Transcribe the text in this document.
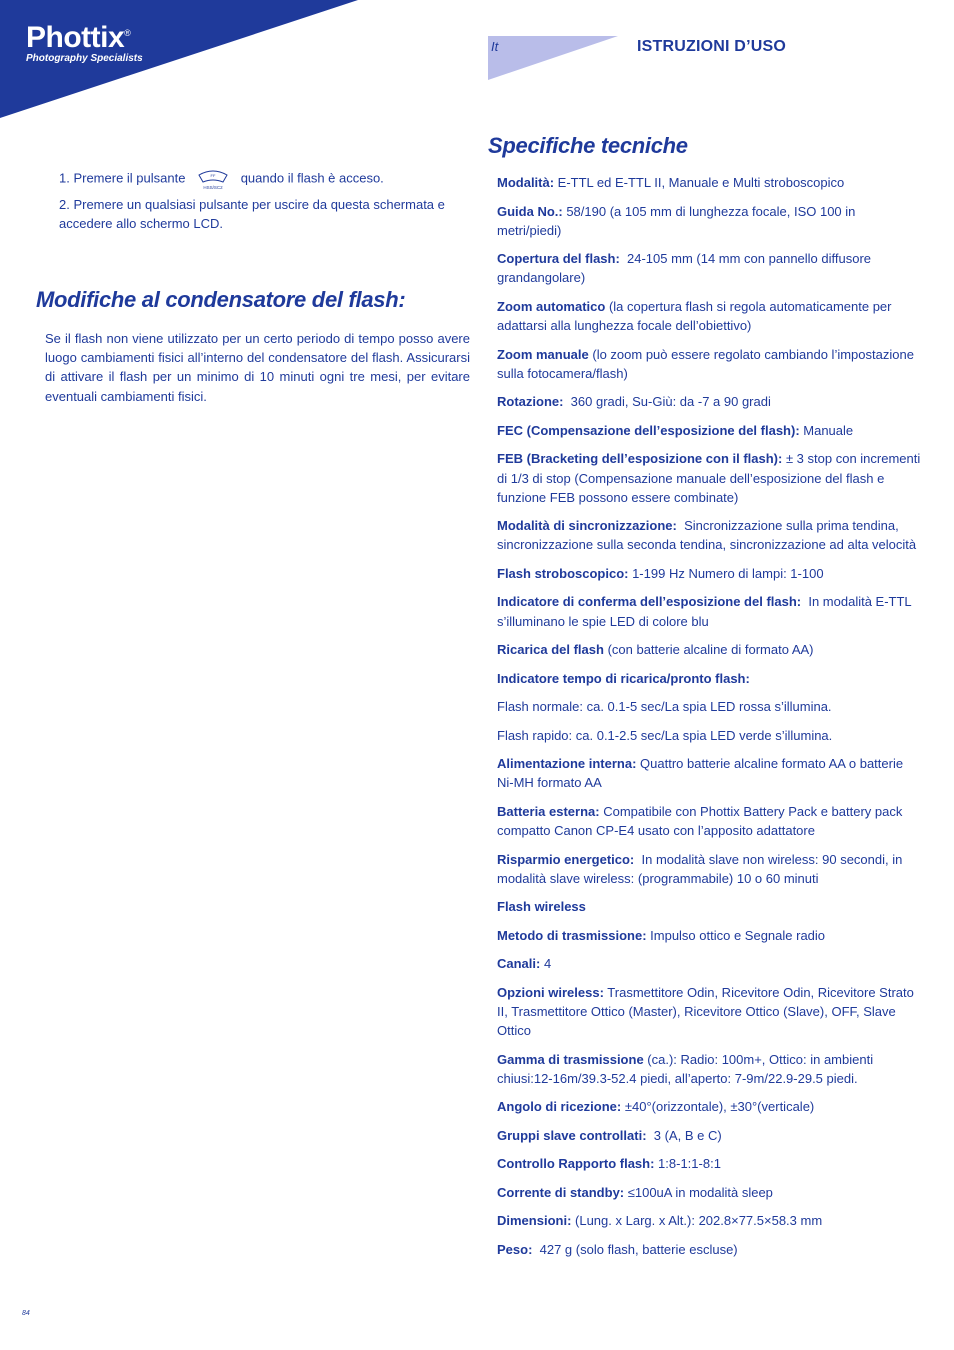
Phottix®
Photography Specialists
It	ISTRUZIONI D’USO
1. Premere il pulsante	FF
HSS/SC2
quando il flash è acceso.
2. Premere un qualsiasi pulsante per uscire da questa schermata e accedere allo schermo LCD.
Modifiche al condensatore del flash:
Se il flash non viene utilizzato per un certo periodo di tempo posso avere luogo cambiamenti fisici all’interno del condensatore del flash. Assicurarsi di attivare il flash per un minimo di 10 minuti ogni tre mesi, per evitare eventuali cambiamenti fisici.
Specifiche tecniche

Modalità: E-TTL ed E-TTL II, Manuale e Multi stroboscopico

Guida No.: 58/190 (a 105 mm di lunghezza focale, ISO 100 in metri/piedi)

Copertura del flash:  24-105 mm (14 mm con pannello diffusore grandangolare)

Zoom automatico (la copertura flash si regola automaticamente per adattarsi alla lunghezza focale dell’obiettivo)

Zoom manuale (lo zoom può essere regolato cambiando l’impostazione sulla fotocamera/flash)

Rotazione:  360 gradi, Su-Giù: da -7 a 90 gradi

FEC (Compensazione dell’esposizione del flash): Manuale

FEB (Bracketing dell’esposizione con il flash): ± 3 stop con incrementi di 1/3 di stop (Compensazione manuale dell’esposizione del flash e funzione FEB possono essere combinate)

Modalità di sincronizzazione:  Sincronizzazione sulla prima tendina, sincronizzazione sulla seconda tendina, sincronizzazione ad alta velocità

Flash stroboscopico: 1-199 Hz Numero di lampi: 1-100

Indicatore di conferma dell’esposizione del flash:  In modalità E-TTL s’illuminano le spie LED di colore blu

Ricarica del flash (con batterie alcaline di formato AA)

Indicatore tempo di ricarica/pronto flash:

Flash normale: ca. 0.1-5 sec/La spia LED rossa s’illumina.

Flash rapido: ca. 0.1-2.5 sec/La spia LED verde s’illumina.

Alimentazione interna: Quattro batterie alcaline formato AA o batterie Ni-MH formato AA

Batteria esterna: Compatibile con Phottix Battery Pack e battery pack compatto Canon CP-E4 usato con l’apposito adattatore

Risparmio energetico:  In modalità slave non wireless: 90 secondi, in modalità slave wireless: (programmabile) 10 o 60 minuti

Flash wireless

Metodo di trasmissione: Impulso ottico e Segnale radio

Canali: 4

Opzioni wireless: Trasmettitore Odin, Ricevitore Odin, Ricevitore Strato II, Trasmettitore Ottico (Master), Ricevitore Ottico (Slave), OFF, Slave Ottico

Gamma di trasmissione (ca.): Radio: 100m+, Ottico: in ambienti chiusi:12-16m/39.3-52.4 piedi, all’aperto: 7-9m/22.9-29.5 piedi.

Angolo di ricezione: ±40°(orizzontale), ±30°(verticale)

Gruppi slave controllati:  3 (A, B e C)

Controllo Rapporto flash: 1:8-1:1-8:1

Corrente di standby: ≤100uA in modalità sleep

Dimensioni: (Lung. x Larg. x Alt.): 202.8×77.5×58.3 mm

Peso:  427 g (solo flash, batterie escluse)

84
